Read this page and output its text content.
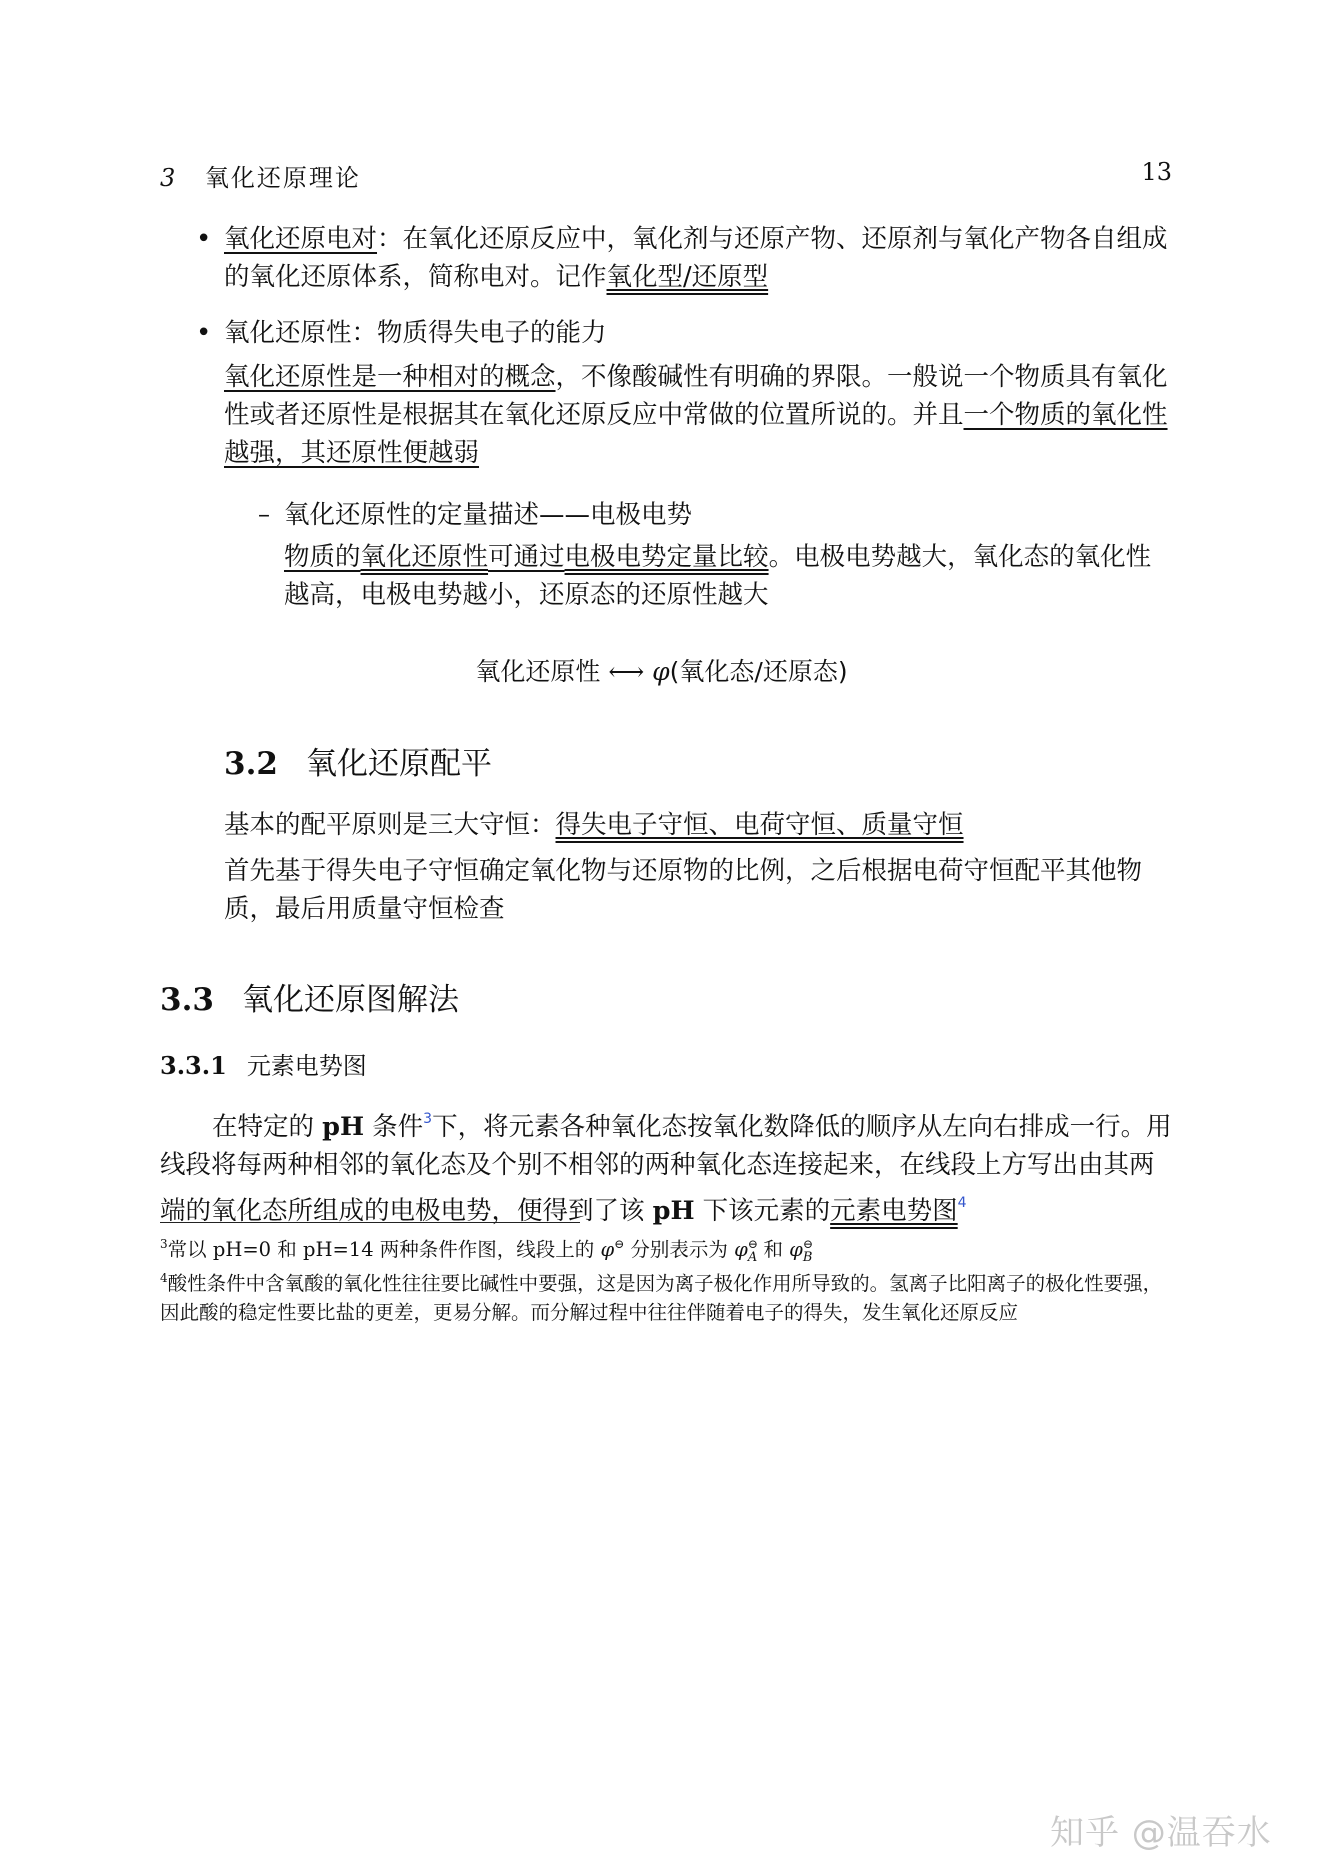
3 氧化还原理论	13
• 氧化还原电对：在氧化还原反应中，氧化剂与还原产物、还原剂与氧化产物各自组成的氧化还原体系，简称电对。记作氧化型/还原型
• 氧化还原性：物质得失电子的能力
氧化还原性是一种相对的概念，不像酸碱性有明确的界限。一般说一个物质具有氧化性或者还原性是根据其在氧化还原反应中常做的位置所说的。并且一个物质的氧化性越强，其还原性便越弱
– 氧化还原性的定量描述——电极电势
物质的氧化还原性可通过电极电势定量比较。电极电势越大，氧化态的氧化性越高，电极电势越小，还原态的还原性越大
氧化还原性 ⟷ φ(氧化态/还原态)
3.2 氧化还原配平
基本的配平原则是三大守恒：得失电子守恒、电荷守恒、质量守恒
首先基于得失电子守恒确定氧化物与还原物的比例，之后根据电荷守恒配平其他物质，最后用质量守恒检查
3.3 氧化还原图解法
3.3.1 元素电势图
在特定的 pH 条件$^3$下，将元素各种氧化态按氧化数降低的顺序从左向右排成一行。用线段将每两种相邻的氧化态及个别不相邻的两种氧化态连接起来，在线段上方写出由其两端的氧化态所组成的电极电势，便得到了该 pH 下该元素的元素电势图$^4$
$^3$常以 pH=0 和 pH=14 两种条件作图，线段上的 φ⊖ 分别表示为 $\varphi^⊖_A$ 和 $\varphi^⊖_B$
$^4$酸性条件中含氧酸的氧化性往往要比碱性中要强，这是因为离子极化作用所导致的。氢离子比阳离子的极化性要强，因此酸的稳定性要比盐的更差，更易分解。而分解过程中往往伴随着电子的得失，发生氧化还原反应
知乎 @温吞水
